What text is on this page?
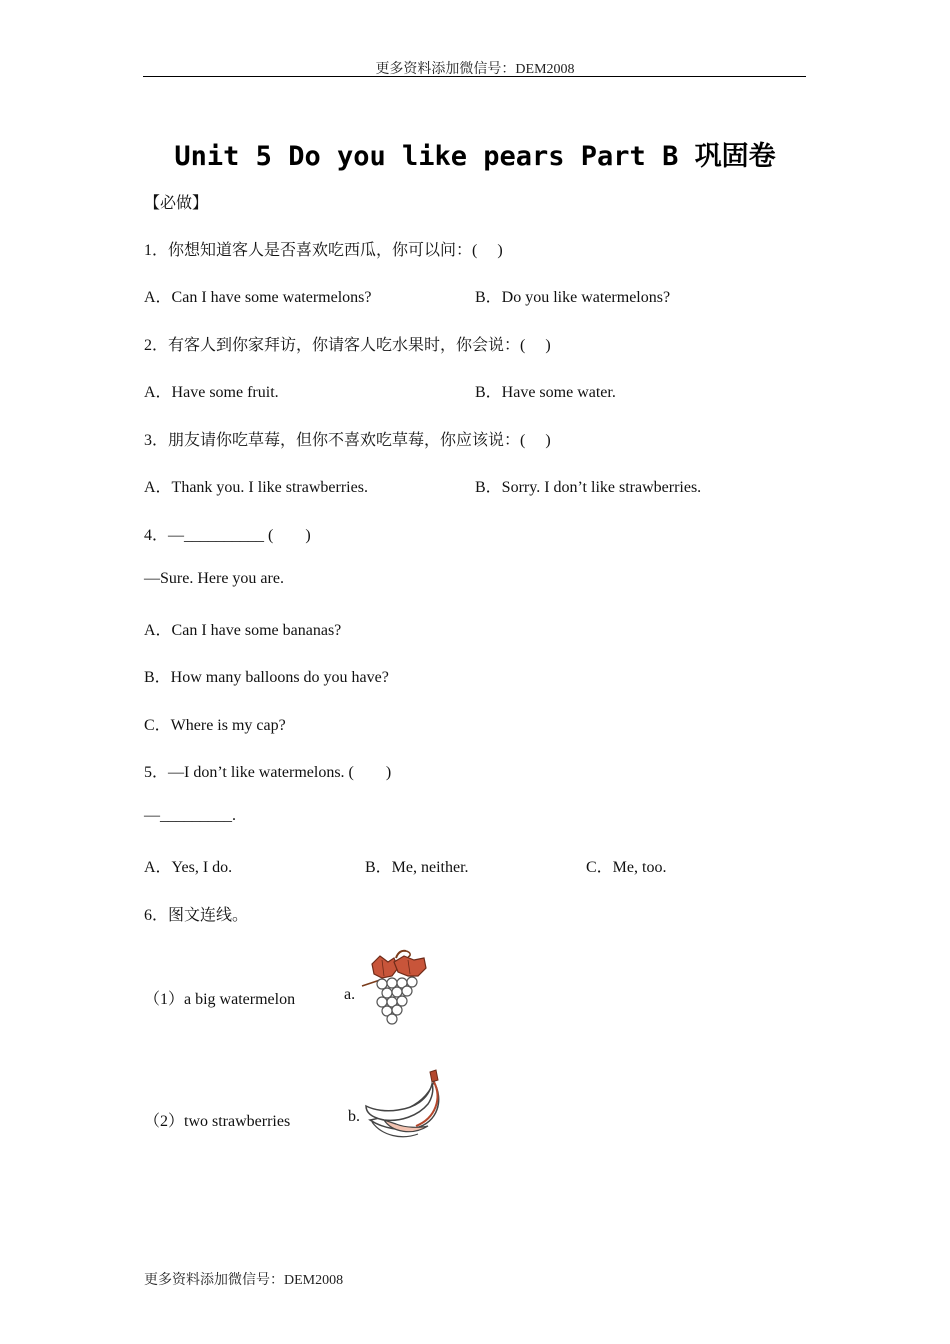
更多资料添加微信号：DEM2008
Unit 5 Do you like pears Part B 巩固卷
【必做】
1．你想知道客人是否喜欢吃西瓜，你可以问：(　 )
A．Can I have some watermelons?	B．Do you like watermelons?
2．有客人到你家拜访，你请客人吃水果时，你会说：(　 )
A．Have some fruit.	B．Have some water.
3．朋友请你吃草莓，但你不喜欢吃草莓，你应该说：(　 )
A．Thank you. I like strawberries.	B．Sorry. I don’t like strawberries.
4．—__________ (　　)
—Sure. Here you are.
A．Can I have some bananas?
B．How many balloons do you have?
C．Where is my cap?
5．—I don’t like watermelons. (　　)
—_________.
A．Yes, I do.	B．Me, neither.	C．Me, too.
6．图文连线。
（1）a big watermelon	a.
（2）two strawberries	b.
更多资料添加微信号：DEM2008
